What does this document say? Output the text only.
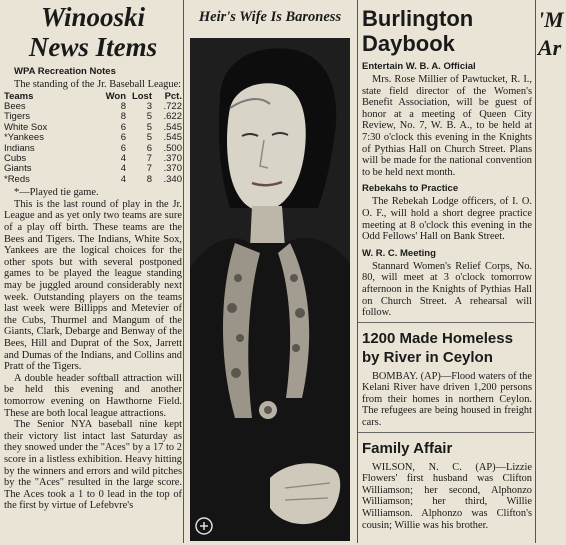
Winooski
News Items
WPA Recreation Notes

The standing of the Jr. Baseball League:

Teams	Won	Lost	Pct.
Bees	8	3	.722
Tigers	8	5	.622
White Sox	6	5	.545
*Yankees	6	5	.545
Indians	6	6	.500
Cubs	4	7	.370
Giants	4	7	.370
*Reds	4	8	.340

*—Played tie game.

This is the last round of play in the Jr. League and as yet only two teams are sure of a play off birth. These teams are the Bees and Tigers. The Indians, White Sox, Yankees are the logical choices for the other spots but with several postponed games to be played the league standing may be juggled around considerably next week. Outstanding players on the teams last week were Billipps and Metevier of the Cubs, Thurmel and Mangum of the Giants, Clark, Debarge and Benway of the Bees, Hill and Duprat of the Sox, Jarrett and Dumas of the Indians, and Collins and Pratt of the Tigers.

A double header softball attraction will be held this evening and another tomorrow evening on Hawthorne Field. These are both local league attractions.

The Senior NYA baseball nine kept their victory list intact last Saturday as they snowed under the "Aces" by a 17 to 2 score in a listless exhibition. Heavy hitting by the winners and errors and wild pitches by the "Aces" resulted in the large score. The Aces took a 1 to 0 lead in the top of the first by virtue of Lefebvre's

Heir's Wife Is Baroness Burlington
Daybook
Entertain W. B. A. Official

Mrs. Rose Millier of Pawtucket, R. I., state field director of the Women's Benefit Association, will be guest of honor at a meeting of Queen City Review, No. 7, W. B. A., to be held at 7:30 o'clock this evening in the Knights of Pythias Hall on Church Street. Plans will be made for the national convention to be held next month.

Rebekahs to Practice

The Rebekah Lodge officers, of I. O. O. F., will hold a short degree practice meeting at 8 o'clock this evening in the Odd Fellows' Hall on Bank Street.

W. R. C. Meeting

Stannard Women's Relief Corps, No. 80, will meet at 3 o'clock tomorrow afternoon in the Knights of Pythias Hall on Church Street. A rehearsal will follow.

1200 Made Homeless
by River in Ceylon

BOMBAY. (AP)—Flood waters of the Kelani River have driven 1,200 persons from their homes in northern Ceylon. The refugees are being housed in freight cars.

Family Affair

WILSON, N. C. (AP)—Lizzie Flowers' first husband was Clifton Williamson; her second, Alphonzo Williamson; her third, Willie Williamson. Alphonzo was Clifton's cousin; Willie was his brother.

'M
Ar
